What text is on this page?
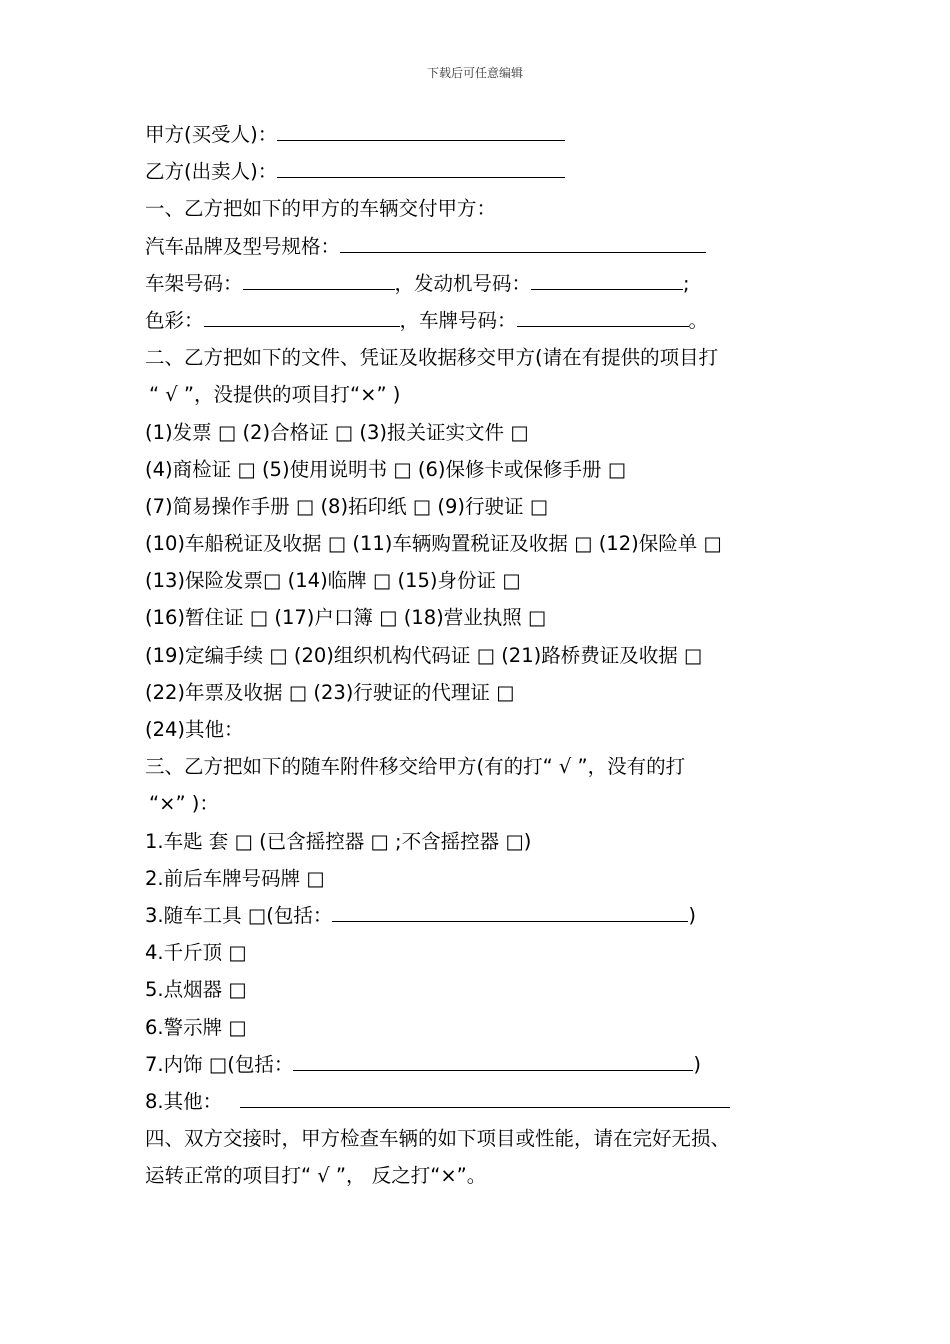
下载后可任意编辑
甲方(买受人)：
乙方(出卖人)：
一、乙方把如下的甲方的车辆交付甲方：
汽车品牌及型号规格：
车架号码：	，发动机号码：	;
色彩：	，车牌号码：	。
二、乙方把如下的文件、凭证及收据移交甲方(请在有提供的项目打
“ √ ”，没提供的项目打“×” )
(1)发票 □ (2)合格证 □ (3)报关证实文件 □
(4)商检证 □ (5)使用说明书 □ (6)保修卡或保修手册 □
(7)简易操作手册 □ (8)拓印纸 □ (9)行驶证 □
(10)车船税证及收据 □ (11)车辆购置税证及收据 □ (12)保险单 □
(13)保险发票□ (14)临牌 □ (15)身份证 □
(16)暂住证 □ (17)户口簿 □ (18)营业执照 □
(19)定编手续 □ (20)组织机构代码证 □ (21)路桥费证及收据 □
(22)年票及收据 □ (23)行驶证的代理证 □
(24)其他：
三、乙方把如下的随车附件移交给甲方(有的打“ √ ”，没有的打
“×” )：
1.车匙 套 □ (已含摇控器 □ ;不含摇控器 □)
2.前后车牌号码牌 □
3.随车工具 □(包括：	)
4.千斤顶 □
5.点烟器 □
6.警示牌 □
7.内饰 □(包括：	)
8.其他：
四、双方交接时，甲方检查车辆的如下项目或性能，请在完好无损、
运转正常的项目打“ √ ”， 反之打“×”。
